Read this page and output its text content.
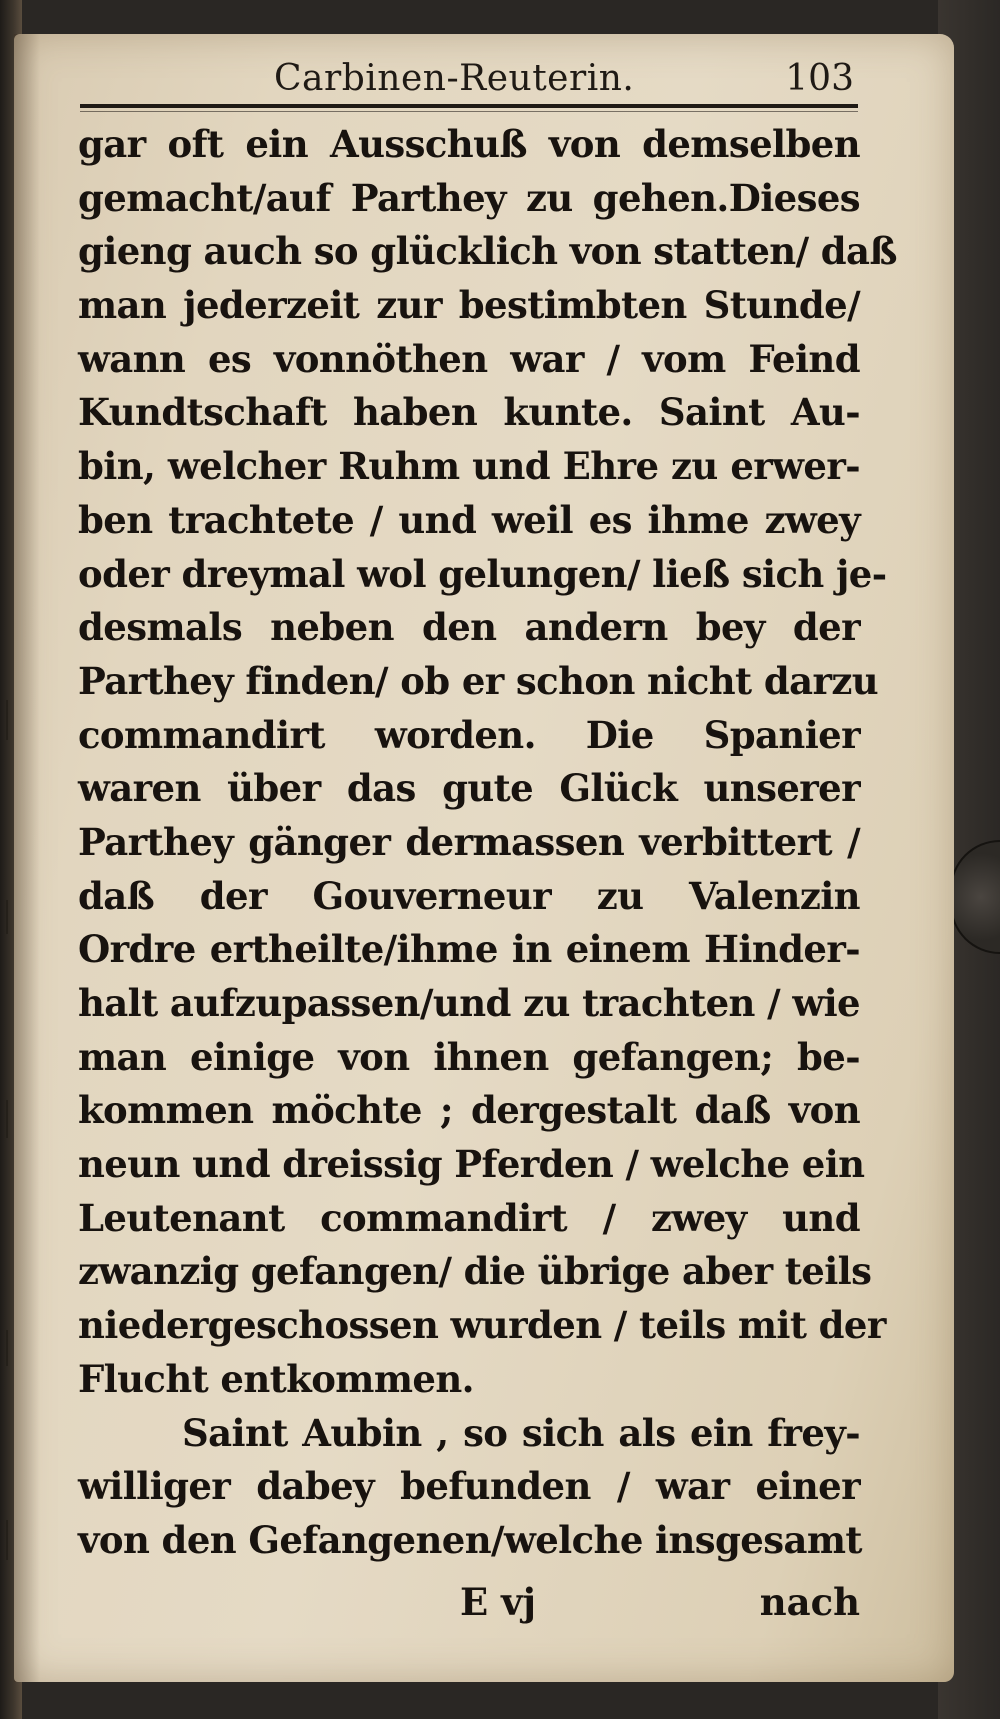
Carbinen-Reuterin.	103
gar oft ein Ausschuß von demselben
gemacht/auf Parthey zu gehen.Dieses
gieng auch so glücklich von statten/ daß
man jederzeit zur bestimbten Stunde/
wann es vonnöthen war / vom Feind
Kundtschaft haben kunte. Saint Au-
bin, welcher Ruhm und Ehre zu erwer-
ben trachtete / und weil es ihme zwey
oder dreymal wol gelungen/ ließ sich je-
desmals neben den andern bey der
Parthey finden/ ob er schon nicht darzu
commandirt worden. Die Spanier
waren über das gute Glück unserer
Parthey gänger dermassen verbittert /
daß der Gouverneur zu Valenzin
Ordre ertheilte/ihme in einem Hinder-
halt aufzupassen/und zu trachten / wie
man einige von ihnen gefangen; be-
kommen möchte ; dergestalt daß von
neun und dreissig Pferden / welche ein
Leutenant commandirt / zwey und
zwanzig gefangen/ die übrige aber teils
niedergeschossen wurden / teils mit der
Flucht entkommen.
Saint Aubin , so sich als ein frey-
williger dabey befunden / war einer
von den Gefangenen/welche insgesamt
E vj	nach
